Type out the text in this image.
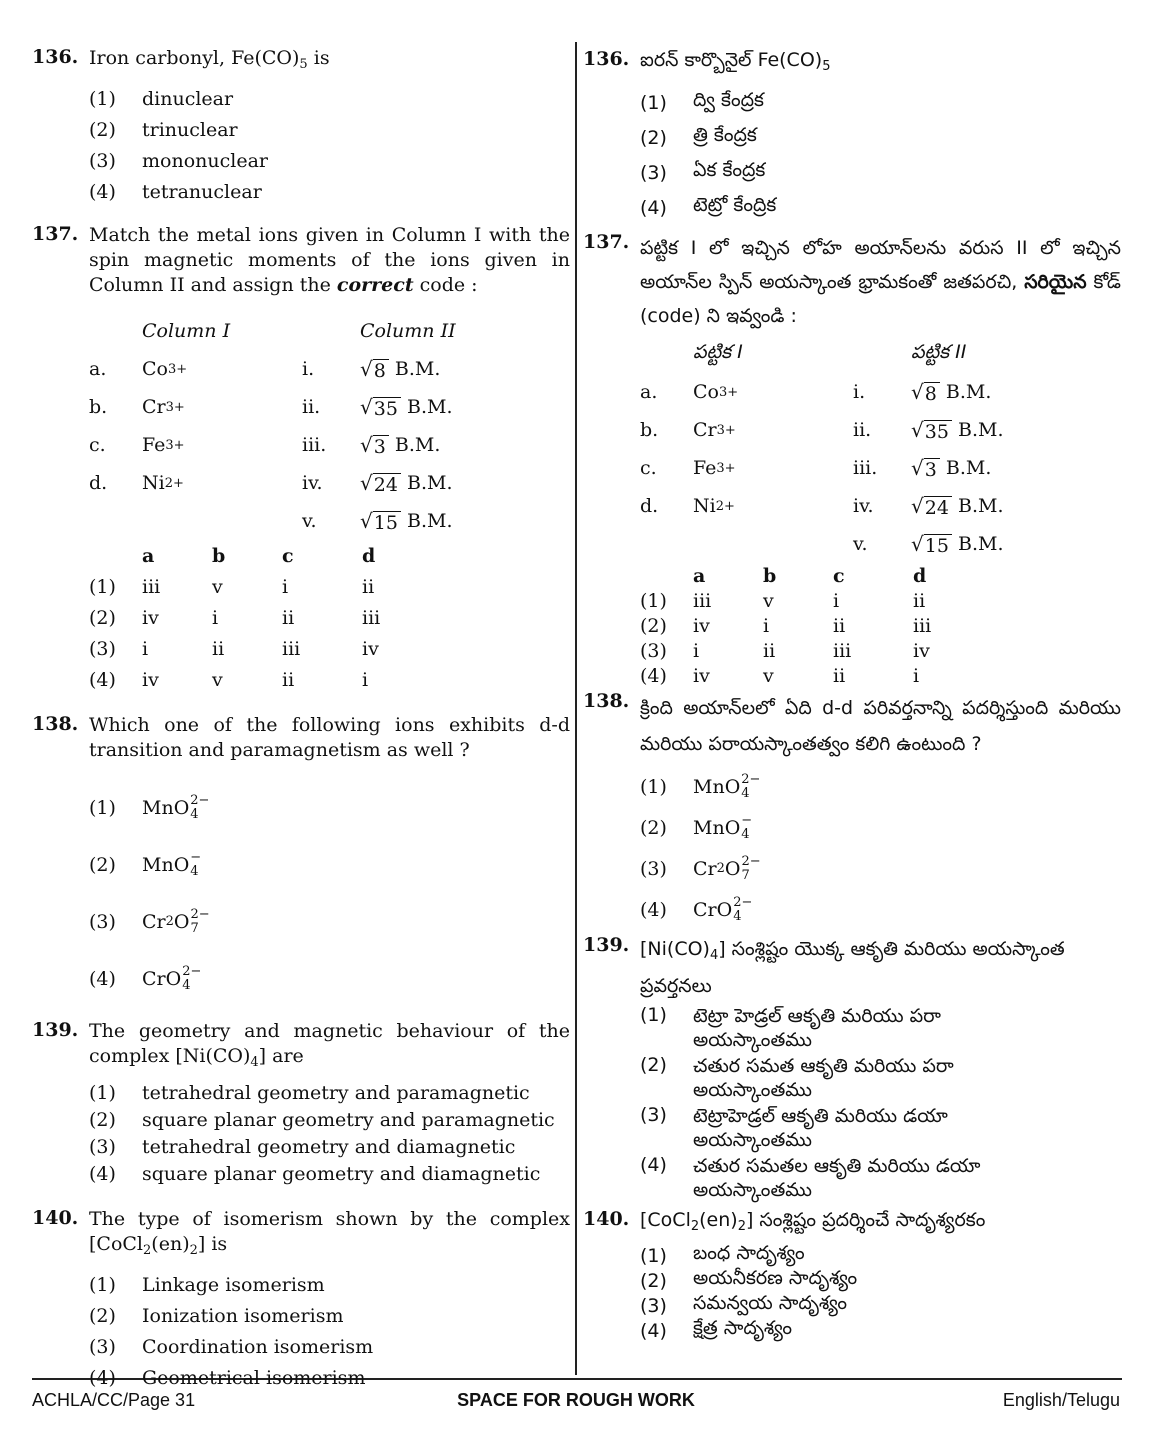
136. Iron carbonyl, $Fe(CO)_5$ is
(1)	dinuclear
(2)	trinuclear
(3)	mononuclear
(4)	tetranuclear
137. Match the metal ions given in Column I with the spin magnetic moments of the ions given in Column II and assign the correct code :
Column I	Column II
a.	Co 3+	i.	√ 8
B.M.
b.	Cr 3+	ii.	√ 35
B.M.
c.	Fe 3+	iii.	√ 3
B.M.
d.	Ni 2+	iv.	√ 24
B.M.
v.	√ 15
B.M.
a	b	c	d
(1)	iii	v	i	ii
(2)	iv	i	ii	iii
(3)	i	ii	iii	iv
(4)	iv	v	ii	i
138. Which one of the following ions exhibits d-d transition and paramagnetism as well ?
(1)	MnO 2−
4
(2)	MnO −
4
(3)	Cr 2 O 2−
7
(4)	CrO 2−
4
139. The geometry and magnetic behaviour of the complex $[Ni(CO)_4]$ are
(1)	tetrahedral geometry and paramagnetic
(2)	square planar geometry and paramagnetic
(3)	tetrahedral geometry and diamagnetic
(4)	square planar geometry and diamagnetic
140. The type of isomerism shown by the complex $[CoCl_2(en)_2]$ is
(1)	Linkage isomerism
(2)	Ionization isomerism
(3)	Coordination isomerism
(4)	Geometrical isomerism
136. ఐరన్ కార్బొనైల్ $Fe(CO)_5$
(1)	ద్వి కేంద్రక
(2)	త్రి కేంద్రక
(3)	ఏక కేంద్రక
(4)	టెట్రో కేంద్రిక
137. పట్టిక I లో ఇచ్చిన లోహ అయాన్‌లను వరుస II లో ఇచ్చిన అయాన్‌ల స్పిన్ అయస్కాంత భ్రామకంతో జతపరచి, సరియైన కోడ్ (code) ని ఇవ్వండి :
పట్టిక I	పట్టిక II
a.	Co 3+	i.	√ 8
B.M.
b.	Cr 3+	ii.	√ 35
B.M.
c.	Fe 3+	iii.	√ 3
B.M.
d.	Ni 2+	iv.	√ 24
B.M.
v.	√ 15
B.M.
a	b	c	d
(1)	iii	v	i	ii
(2)	iv	i	ii	iii
(3)	i	ii	iii	iv
(4)	iv	v	ii	i
138. క్రింది అయాన్‌లలో ఏది d-d పరివర్తనాన్ని పదర్శిస్తుంది మరియు మరియు పరాయస్కాంతత్వం కలిగి ఉంటుంది ?
(1)	MnO 2−
4
(2)	MnO −
4
(3)	Cr 2 O 2−
7
(4)	CrO 2−
4
139. $[Ni(CO)_4]$ సంశ్లిష్టం యొక్క ఆకృతి మరియు అయస్కాంత ప్రవర్తనలు
(1)	టెట్రా హెడ్రల్ ఆకృతి మరియు పరా అయస్కాంతము
(2)	చతుర సమత ఆకృతి మరియు పరా అయస్కాంతము
(3)	టెట్రాహెడ్రల్ ఆకృతి మరియు డయా అయస్కాంతము
(4)	చతుర సమతల ఆకృతి మరియు డయా అయస్కాంతము
140. $[CoCl_2(en)_2]$ సంశ్లిష్టం ప్రదర్శించే సాదృశ్యరకం
(1)	బంధ సాదృశ్యం
(2)	అయనీకరణ సాదృశ్యం
(3)	సమన్వయ సాదృశ్యం
(4)	క్షేత్ర సాదృశ్యం
ACHLA/CC/Page 31	SPACE FOR ROUGH WORK	English/Telugu
